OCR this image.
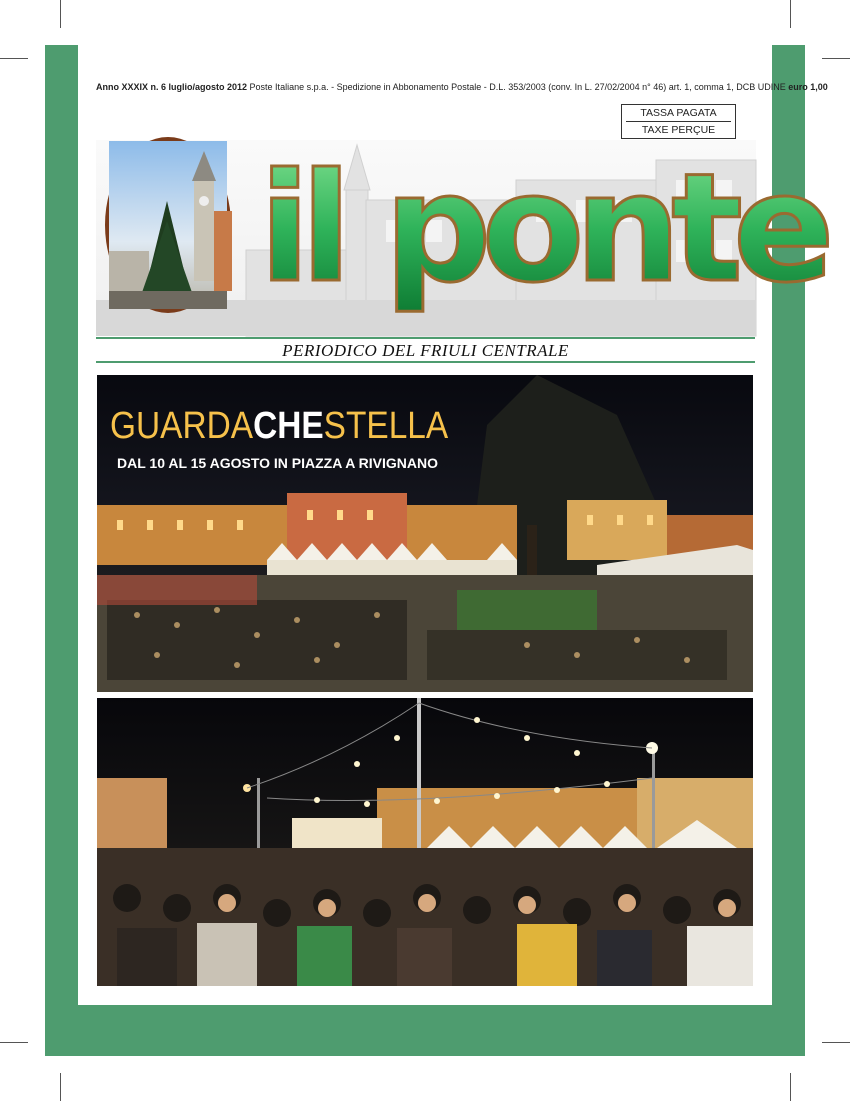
Anno XXXIX n. 6 luglio/agosto 2012 Poste Italiane s.p.a. - Spedizione in Abbonamento Postale - D.L. 353/2003 (conv. In L. 27/02/2004 n° 46) art. 1, comma 1, DCB UDINE euro 1,00
TASSA PAGATA
TAXE PERÇUE
il ponte
PERIODICO DEL FRIULI CENTRALE
GUARDACHESTELLA
DAL 10 AL 15 AGOSTO IN PIAZZA A RIVIGNANO
